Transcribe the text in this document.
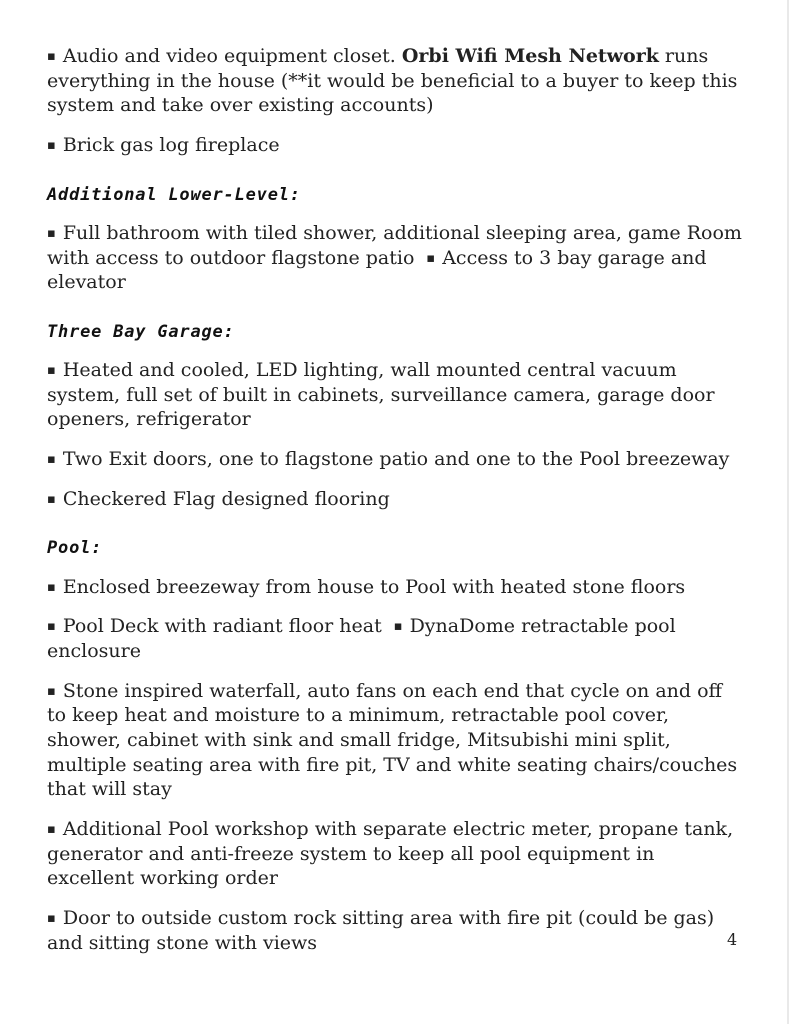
▪ Audio and video equipment closet. Orbi Wifi Mesh Network runs everything in the house (**it would be beneficial to a buyer to keep this system and take over existing accounts)

▪ Brick gas log fireplace

Additional Lower-Level:

▪ Full bathroom with tiled shower, additional sleeping area, game Room with access to outdoor flagstone patio ▪ Access to 3 bay garage and elevator

Three Bay Garage:

▪ Heated and cooled, LED lighting, wall mounted central vacuum system, full set of built in cabinets, surveillance camera, garage door openers, refrigerator

▪ Two Exit doors, one to flagstone patio and one to the Pool breezeway

▪ Checkered Flag designed flooring

Pool:

▪ Enclosed breezeway from house to Pool with heated stone floors

▪ Pool Deck with radiant floor heat ▪ DynaDome retractable pool enclosure

▪ Stone inspired waterfall, auto fans on each end that cycle on and off to keep heat and moisture to a minimum, retractable pool cover, shower, cabinet with sink and small fridge, Mitsubishi mini split, multiple seating area with fire pit, TV and white seating chairs/couches that will stay

▪ Additional Pool workshop with separate electric meter, propane tank, generator and anti-freeze system to keep all pool equipment in excellent working order

▪ Door to outside custom rock sitting area with fire pit (could be gas) and sitting stone with views	4
